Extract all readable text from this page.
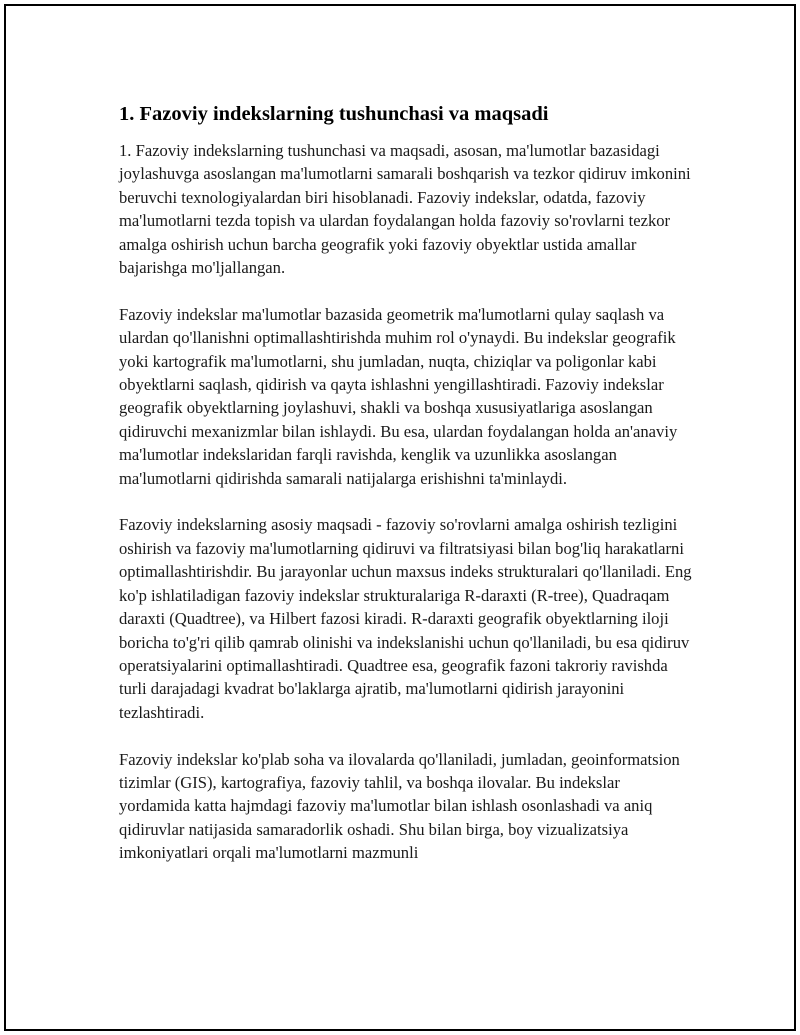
1. Fazoviy indekslarning tushunchasi va maqsadi

1. Fazoviy indekslarning tushunchasi va maqsadi, asosan, ma'lumotlar bazasidagi joylashuvga asoslangan ma'lumotlarni samarali boshqarish va tezkor qidiruv imkonini beruvchi texnologiyalardan biri hisoblanadi. Fazoviy indekslar, odatda, fazoviy ma'lumotlarni tezda topish va ulardan foydalangan holda fazoviy so'rovlarni tezkor amalga oshirish uchun barcha geografik yoki fazoviy obyektlar ustida amallar bajarishga mo'ljallangan.

Fazoviy indekslar ma'lumotlar bazasida geometrik ma'lumotlarni qulay saqlash va ulardan qo'llanishni optimallashtirishda muhim rol o'ynaydi. Bu indekslar geografik yoki kartografik ma'lumotlarni, shu jumladan, nuqta, chiziqlar va poligonlar kabi obyektlarni saqlash, qidirish va qayta ishlashni yengillashtiradi. Fazoviy indekslar geografik obyektlarning joylashuvi, shakli va boshqa xususiyatlariga asoslangan qidiruvchi mexanizmlar bilan ishlaydi. Bu esa, ulardan foydalangan holda an'anaviy ma'lumotlar indekslaridan farqli ravishda, kenglik va uzunlikka asoslangan ma'lumotlarni qidirishda samarali natijalarga erishishni ta'minlaydi.

Fazoviy indekslarning asosiy maqsadi - fazoviy so'rovlarni amalga oshirish tezligini oshirish va fazoviy ma'lumotlarning qidiruvi va filtratsiyasi bilan bog'liq harakatlarni optimallashtirishdir. Bu jarayonlar uchun maxsus indeks strukturalari qo'llaniladi. Eng ko'p ishlatiladigan fazoviy indekslar strukturalariga R-daraxti (R-tree), Quadraqam daraxti (Quadtree), va Hilbert fazosi kiradi. R-daraxti geografik obyektlarning iloji boricha to'g'ri qilib qamrab olinishi va indekslanishi uchun qo'llaniladi, bu esa qidiruv operatsiyalarini optimallashtiradi. Quadtree esa, geografik fazoni takroriy ravishda turli darajadagi kvadrat bo'laklarga ajratib, ma'lumotlarni qidirish jarayonini tezlashtiradi.

Fazoviy indekslar ko'plab soha va ilovalarda qo'llaniladi, jumladan, geoinformatsion tizimlar (GIS), kartografiya, fazoviy tahlil, va boshqa ilovalar. Bu indekslar yordamida katta hajmdagi fazoviy ma'lumotlar bilan ishlash osonlashadi va aniq qidiruvlar natijasida samaradorlik oshadi. Shu bilan birga, boy vizualizatsiya imkoniyatlari orqali ma'lumotlarni mazmunli
